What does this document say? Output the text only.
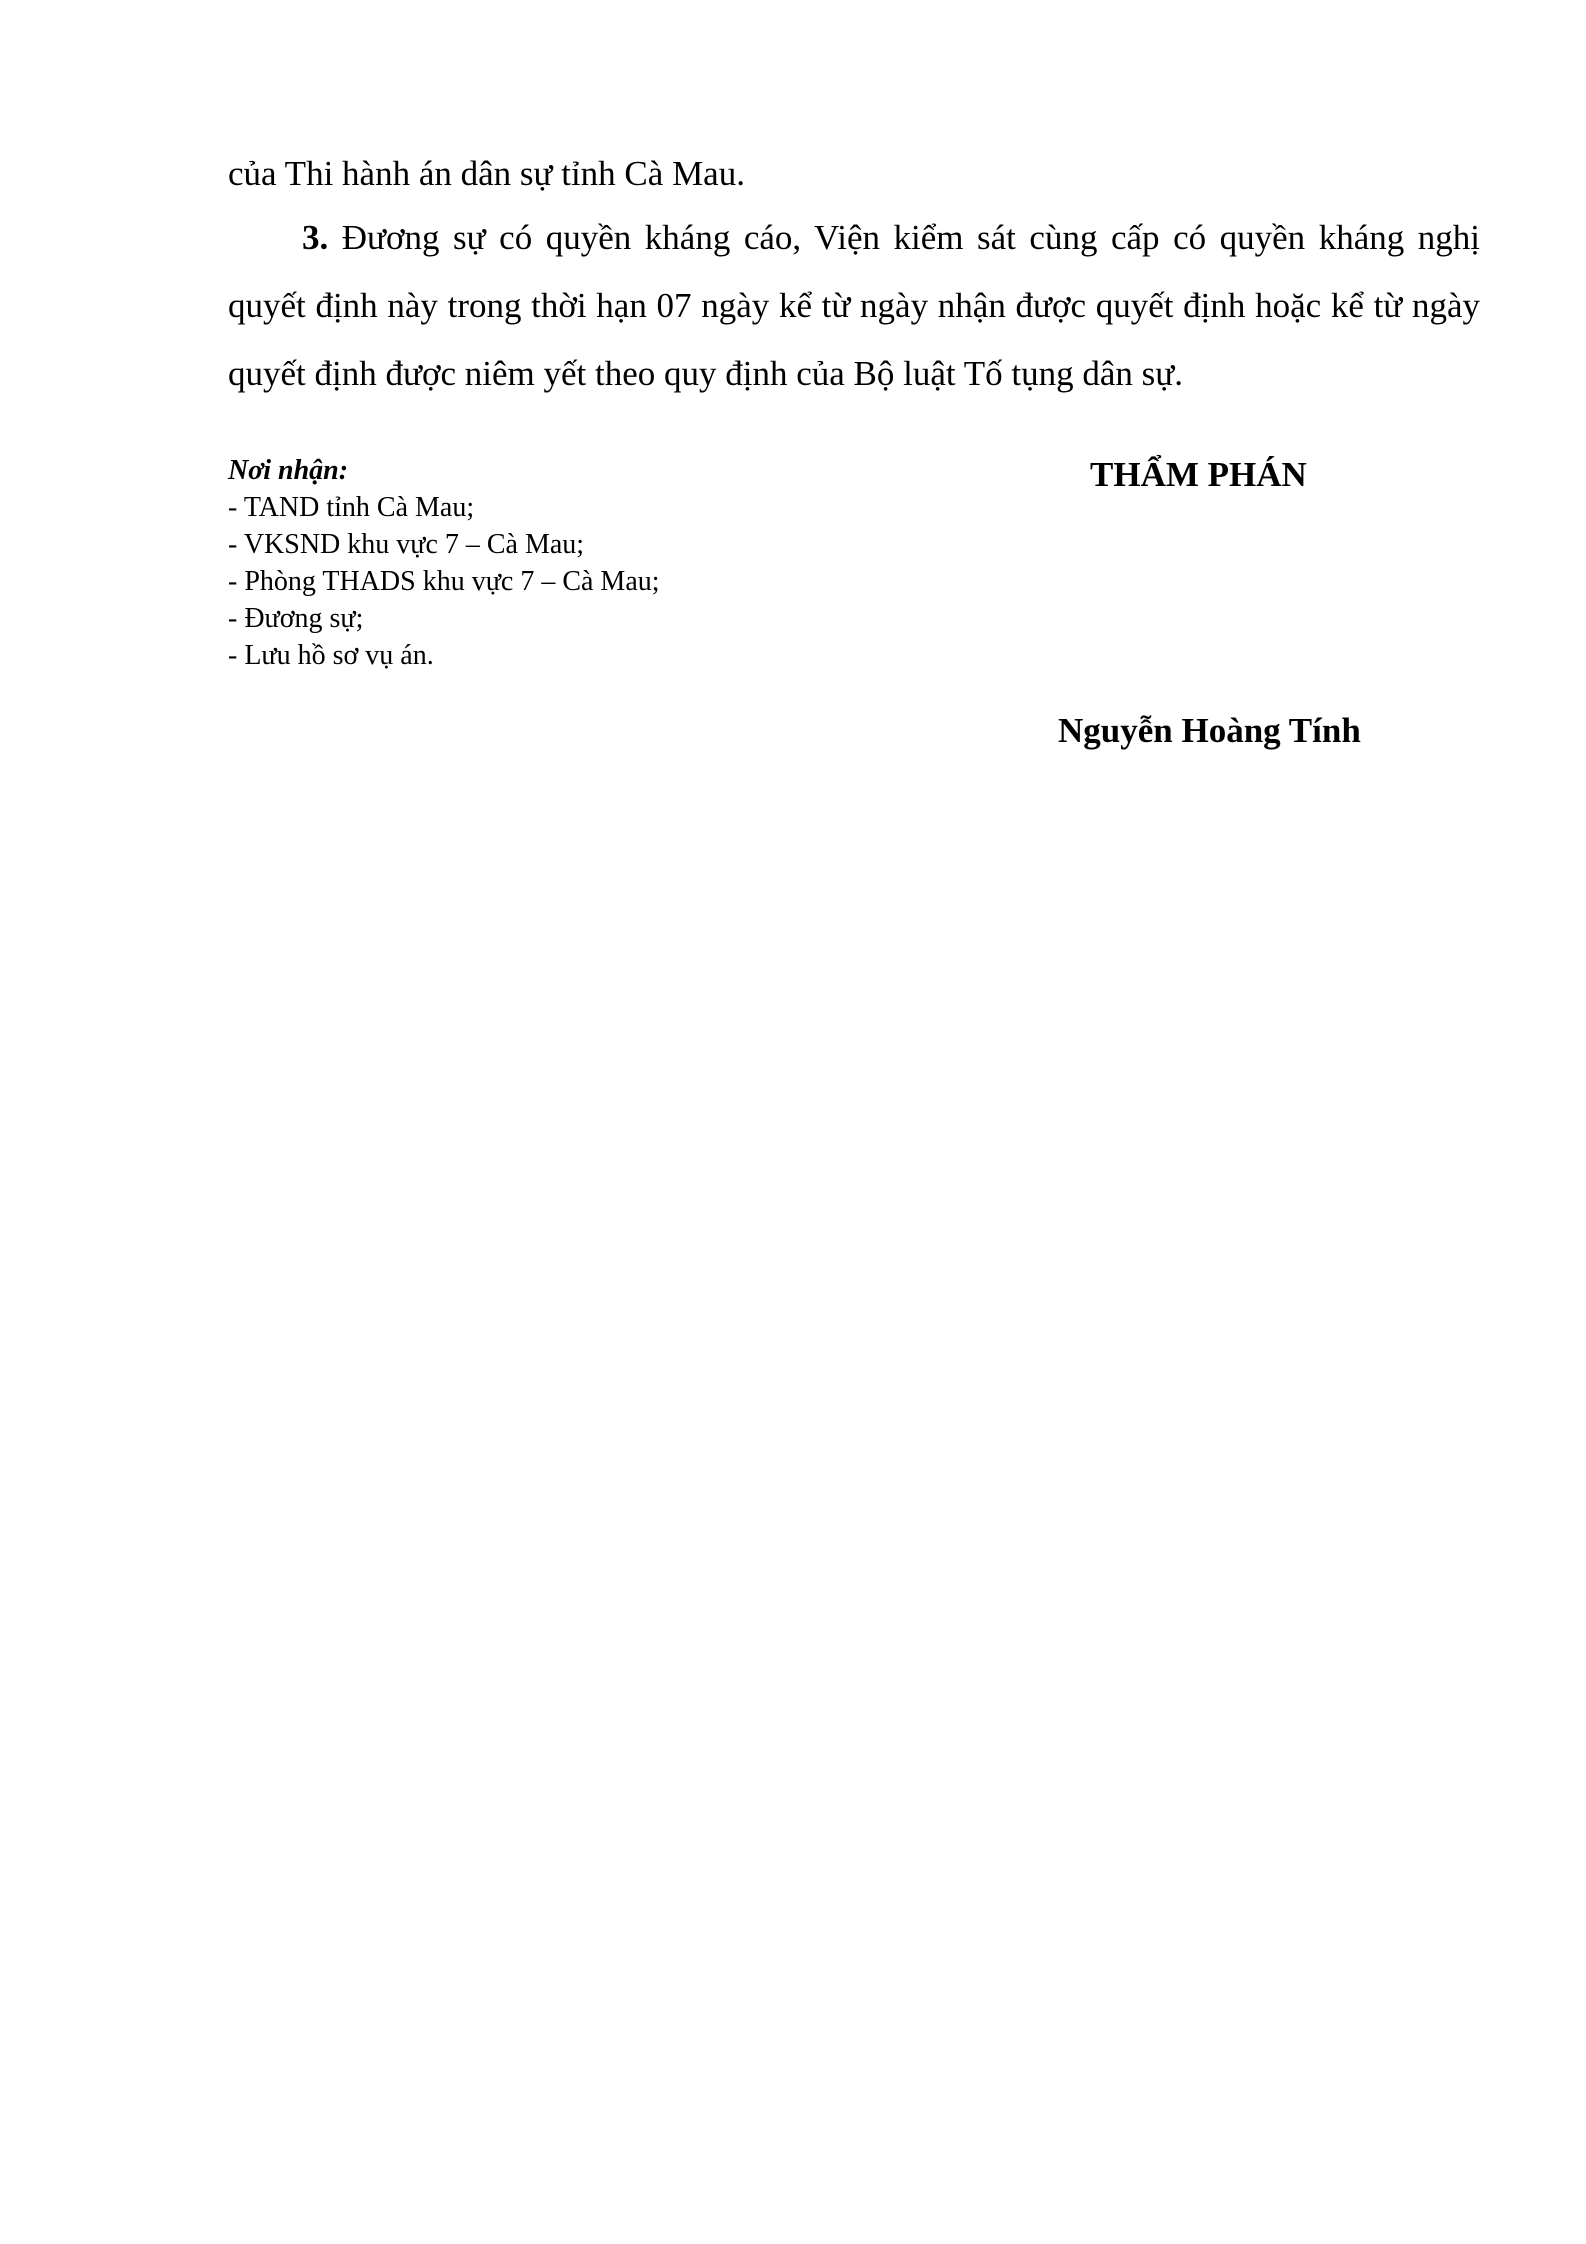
của Thi hành án dân sự tỉnh Cà Mau.

3. Đương sự có quyền kháng cáo, Viện kiểm sát cùng cấp có quyền kháng nghị quyết định này trong thời hạn 07 ngày kể từ ngày nhận được quyết định hoặc kể từ ngày quyết định được niêm yết theo quy định của Bộ luật Tố tụng dân sự.

Nơi nhận:
- TAND tỉnh Cà Mau;
- VKSND khu vực 7 – Cà Mau;
- Phòng THADS khu vực 7 – Cà Mau;
- Đương sự;
- Lưu hồ sơ vụ án.
THẨM PHÁN
Nguyễn Hoàng Tính
